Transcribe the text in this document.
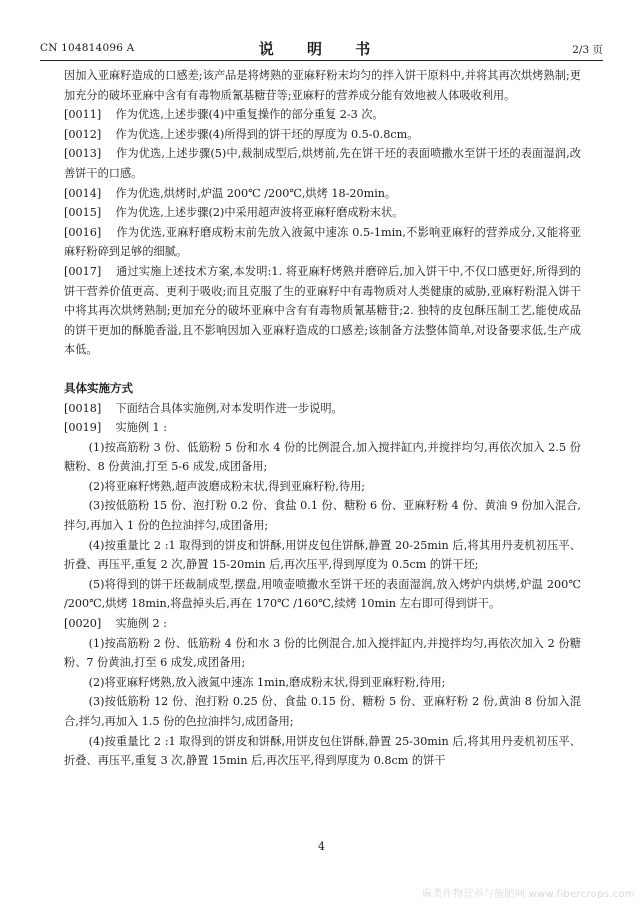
CN 104814096 A	说 明 书	2/3 页

因加入亚麻籽造成的口感差;该产品是将烤熟的亚麻籽粉末均匀的拌入饼干原料中,并将其再次烘烤熟制;更加充分的破坏亚麻中含有有毒物质氰基糖苷等;亚麻籽的营养成分能有效地被人体吸收利用。

[0011] 作为优选,上述步骤(4)中重复操作的部分重复 2-3 次。

[0012] 作为优选,上述步骤(4)所得到的饼干坯的厚度为 0.5-0.8cm。

[0013] 作为优选,上述步骤(5)中,裁制成型后,烘烤前,先在饼干坯的表面喷撒水至饼干坯的表面湿润,改善饼干的口感。

[0014] 作为优选,烘烤时,炉温 200℃ /200℃,烘烤 18-20min。

[0015] 作为优选,上述步骤(2)中采用超声波将亚麻籽磨成粉末状。

[0016] 作为优选,亚麻籽磨成粉末前先放入液氮中速冻 0.5-1min,不影响亚麻籽的营养成分,又能将亚麻籽粉碎到足够的细腻。

[0017] 通过实施上述技术方案,本发明:1. 将亚麻籽烤熟并磨碎后,加入饼干中,不仅口感更好,所得到的饼干营养价值更高、更利于吸收;而且克服了生的亚麻籽中有毒物质对人类健康的威胁,亚麻籽粉混入饼干中将其再次烘烤熟制;更加充分的破坏亚麻中含有有毒物质氰基糖苷;2. 独特的皮包酥压制工艺,能使成品的饼干更加的酥脆香溢,且不影响因加入亚麻籽造成的口感差;该制备方法整体简单,对设备要求低,生产成本低。

具体实施方式

[0018] 下面结合具体实施例,对本发明作进一步说明。

[0019] 实施例 1 :

(1)按高筋粉 3 份、低筋粉 5 份和水 4 份的比例混合,加入搅拌缸内,并搅拌均匀,再依次加入 2.5 份糖粉、8 份黄油,打至 5-6 成发,成团备用;

(2)将亚麻籽烤熟,超声波磨成粉末状,得到亚麻籽粉,待用;

(3)按低筋粉 15 份、泡打粉 0.2 份、食盐 0.1 份、糖粉 6 份、亚麻籽粉 4 份、黄油 9 份加入混合,拌匀,再加入 1 份的色拉油拌匀,成团备用;

(4)按重量比 2 :1 取得到的饼皮和饼酥,用饼皮包住饼酥,静置 20-25min 后,将其用丹麦机初压平、折叠、再压平,重复 2 次,静置 15-20min 后,再次压平,得到厚度为 0.5cm 的饼干坯;

(5)将得到的饼干坯裁制成型,摆盘,用喷壶喷撒水至饼干坯的表面湿润,放入烤炉内烘烤,炉温 200℃ /200℃,烘烤 18min,将盘掉头后,再在 170℃ /160℃,续烤 10min 左右即可得到饼干。

[0020] 实施例 2 :

(1)按高筋粉 2 份、低筋粉 4 份和水 3 份的比例混合,加入搅拌缸内,并搅拌均匀,再依次加入 2 份糖粉、7 份黄油,打至 6 成发,成团备用;

(2)将亚麻籽烤熟,放入液氮中速冻 1min,磨成粉末状,得到亚麻籽粉,待用;

(3)按低筋粉 12 份、泡打粉 0.25 份、食盐 0.15 份、糖粉 5 份、亚麻籽粉 2 份,黄油 8 份加入混合,拌匀,再加入 1.5 份的色拉油拌匀,成团备用;

(4)按重量比 2 :1 取得到的饼皮和饼酥,用饼皮包住饼酥,静置 25-30min 后,将其用丹麦机初压平、折叠、再压平,重复 3 次,静置 15min 后,再次压平,得到厚度为 0.8cm 的饼干

4
麻类作物营养与施肥网 www.fibercrops.com
